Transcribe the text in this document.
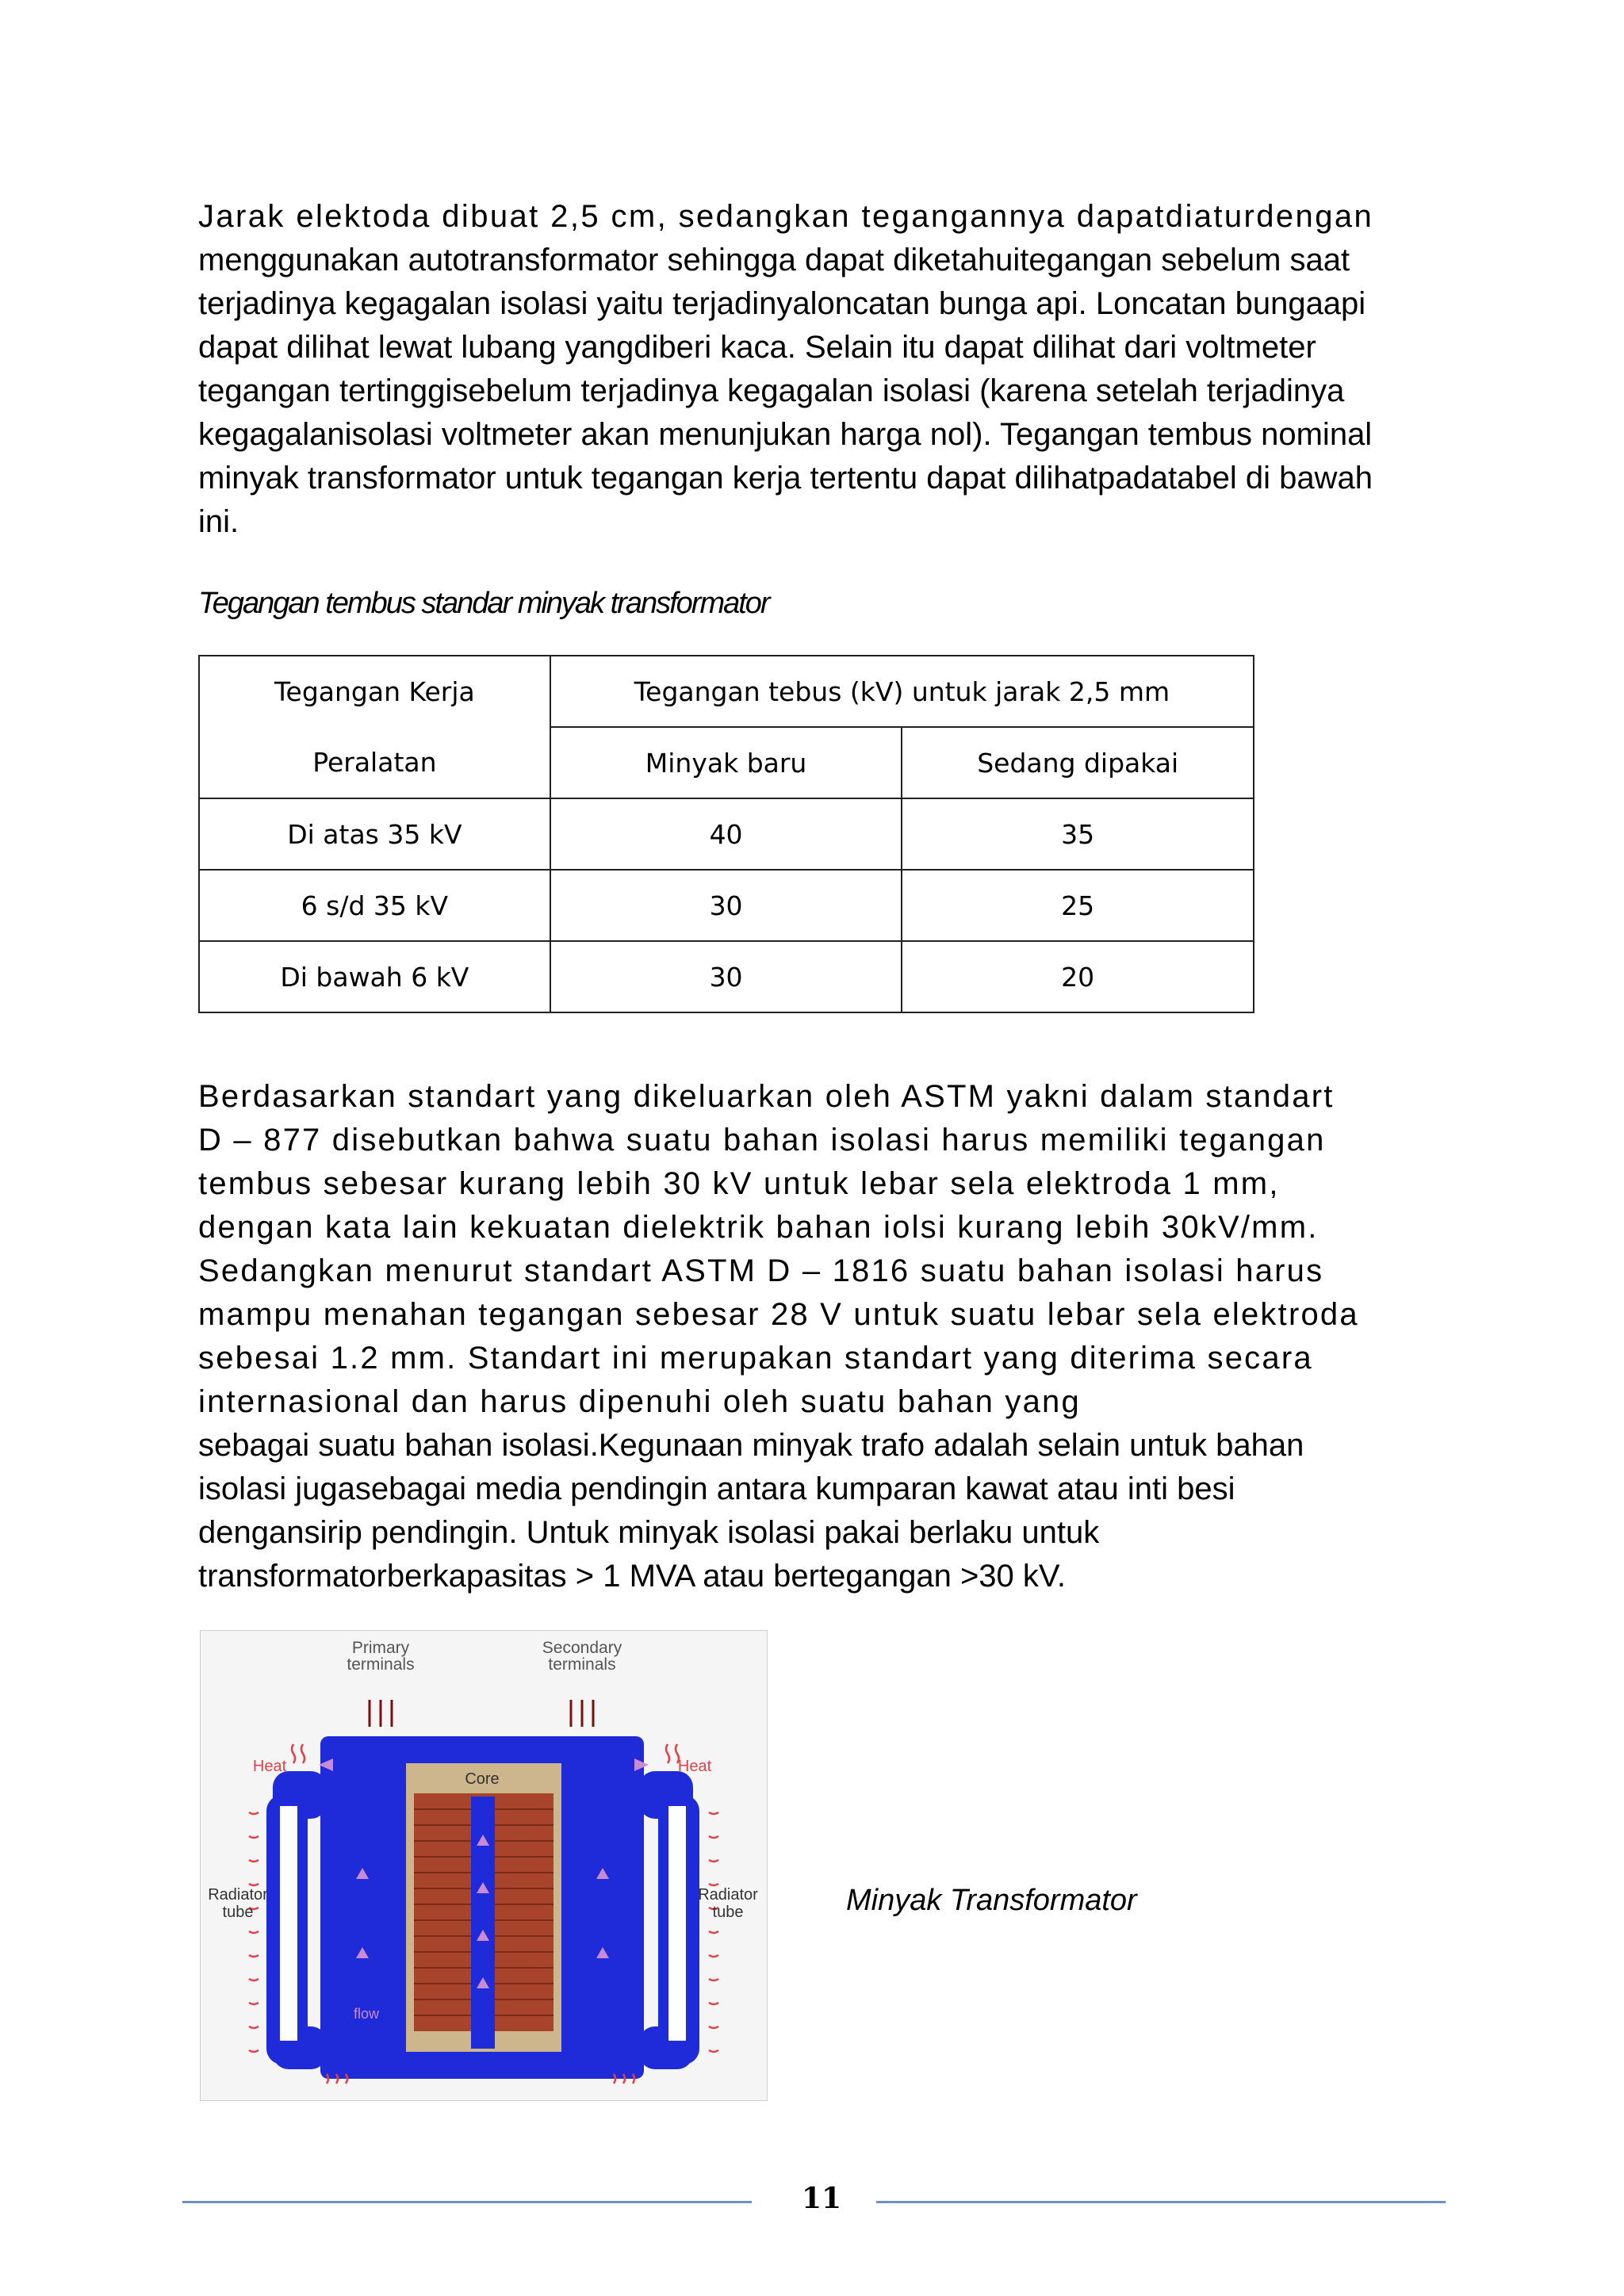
Jarak elektoda dibuat 2,5 cm, sedangkan tegangannya dapatdiaturdengan
menggunakan autotransformator sehingga dapat diketahuitegangan sebelum saat
terjadinya kegagalan isolasi yaitu terjadinyaloncatan bunga api. Loncatan bungaapi
dapat dilihat lewat lubang yangdiberi kaca. Selain itu dapat dilihat dari voltmeter
tegangan tertinggisebelum terjadinya kegagalan isolasi (karena setelah terjadinya
kegagalanisolasi voltmeter akan menunjukan harga nol). Tegangan tembus nominal
minyak transformator untuk tegangan kerja tertentu dapat dilihatpadatabel di bawah
ini.

Tegangan tembus standar minyak transformator

Tegangan Kerja	Tegangan tebus (kV) untuk jarak 2,5 mm	
Peralatan	Minyak baru	Sedang dipakai
Di atas 35 kV	40	35
6 s/d 35 kV	30	25
Di bawah 6 kV	30	20

Berdasarkan standart yang dikeluarkan oleh ASTM yakni dalam standart
D – 877 disebutkan bahwa suatu bahan isolasi harus memiliki tegangan
tembus sebesar kurang lebih 30 kV untuk lebar sela elektroda 1 mm,
dengan kata lain kekuatan dielektrik bahan iolsi kurang lebih 30kV/mm.
Sedangkan menurut standart ASTM D – 1816 suatu bahan isolasi harus
mampu menahan tegangan sebesar 28 V untuk suatu lebar sela elektroda
sebesai 1.2 mm. Standart ini merupakan standart yang diterima secara
internasional dan harus dipenuhi oleh suatu bahan yang
sebagai suatu bahan isolasi.Kegunaan minyak trafo adalah selain untuk bahan
isolasi jugasebagai media pendingin antara kumparan kawat atau inti besi
dengansirip pendingin. Untuk minyak isolasi pakai berlaku untuk
transformatorberkapasitas > 1 MVA atau bertegangan >30 kV.

Primary
terminals
Secondary
terminals
Core
flow
Heat	Heat
Radiator
tube
Radiator
tube	Minyak Transformator

11
